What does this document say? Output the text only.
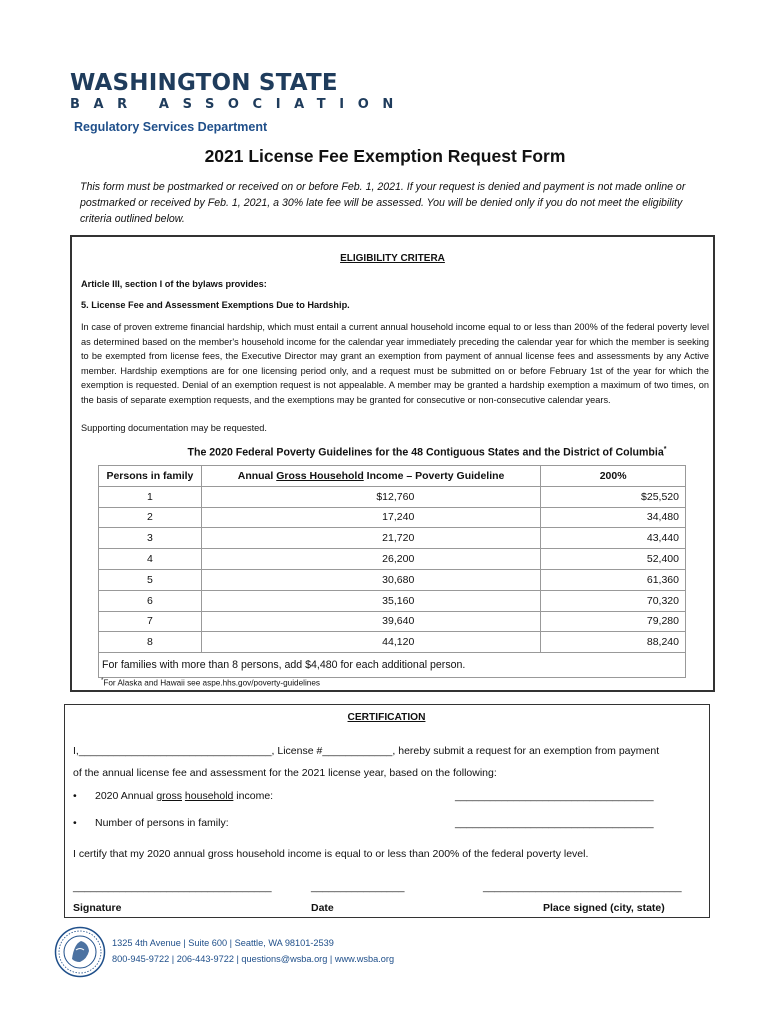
WASHINGTON STATE
BAR ASSOCIATION
Regulatory Services Department
2021 License Fee Exemption Request Form
This form must be postmarked or received on or before Feb. 1, 2021. If your request is denied and payment is not made online or postmarked or received by Feb. 1, 2021, a 30% late fee will be assessed. You will be denied only if you do not meet the eligibility criteria outlined below.
ELIGIBILITY CRITERA
Article III, section I of the bylaws provides:
5. License Fee and Assessment Exemptions Due to Hardship.
In case of proven extreme financial hardship, which must entail a current annual household income equal to or less than 200% of the federal poverty level as determined based on the member's household income for the calendar year immediately preceding the calendar year for which the member is seeking to be exempted from license fees, the Executive Director may grant an exemption from payment of annual license fees and assessments by any Active member. Hardship exemptions are for one licensing period only, and a request must be submitted on or before February 1st of the year for which the exemption is requested. Denial of an exemption request is not appealable. A member may be granted a hardship exemption a maximum of two times, on the basis of separate exemption requests, and the exemptions may be granted for consecutive or non-consecutive calendar years.
Supporting documentation may be requested.
The 2020 Federal Poverty Guidelines for the 48 Contiguous States and the District of Columbia*
Persons in family	Annual Gross Household Income – Poverty Guideline	200%
1	$12,760	$25,520
2	17,240	34,480
3	21,720	43,440
4	26,200	52,400
5	30,680	61,360
6	35,160	70,320
7	39,640	79,280
8	44,120	88,240
For families with more than 8 persons, add $4,480 for each additional person.		
*For Alaska and Hawaii see aspe.hhs.gov/poverty-guidelines
CERTIFICATION
I,_________________________________, License #____________, hereby submit a request for an exemption from payment
of the annual license fee and assessment for the 2021 license year, based on the following:
• 2020 Annual gross household income:	__________________________________
• Number of persons in family:	__________________________________
I certify that my 2020 annual gross household income is equal to or less than 200% of the federal poverty level.
__________________________________	________________	__________________________________
Signature	Date	Place signed (city, state)
1325 4th Avenue | Suite 600 | Seattle, WA 98101-2539
800-945-9722 | 206-443-9722 | questions@wsba.org | www.wsba.org
